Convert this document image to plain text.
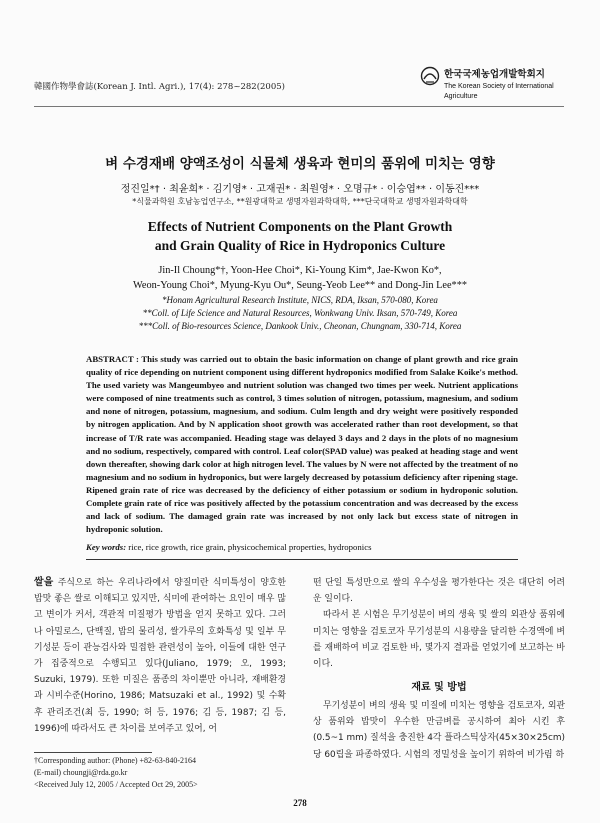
韓國作物學會誌(Korean J. Intl. Agri.), 17(4): 278~282(2005)
한국국제농업개발학회지
The Korean Society of International
Agriculture
벼 수경재배 양액조성이 식물체 생육과 현미의 품위에 미치는 영향
정진일*† · 최윤희* · 김기영* · 고재권* · 최원영* · 오명규* · 이승엽** · 이동진***
*식물과학원 호남농업연구소, **원광대학교 생명자원과학대학, ***단국대학교 생명자원과학대학
Effects of Nutrient Components on the Plant Growth
and Grain Quality of Rice in Hydroponics Culture
Jin-Il Choung*†, Yoon-Hee Choi*, Ki-Young Kim*, Jae-Kwon Ko*,
Weon-Young Choi*, Myung-Kyu Ou*, Seung-Yeob Lee** and Dong-Jin Lee***
*Honam Agricultural Research Institute, NICS, RDA, Iksan, 570-080, Korea
**Coll. of Life Science and Natural Resources, Wonkwang Univ. Iksan, 570-749, Korea
***Coll. of Bio-resources Science, Dankook Univ., Cheonan, Chungnam, 330-714, Korea
ABSTRACT : This study was carried out to obtain the basic information on change of plant growth and rice grain quality of rice depending on nutrient component using different hydroponics modified from Salake Koike's method. The used variety was Mangeumbyeo and nutrient solution was changed two times per week. Nutrient applications were composed of nine treatments such as control, 3 times solution of nitrogen, potassium, magnesium, and sodium and none of nitrogen, potassium, magnesium, and sodium. Culm length and dry weight were positively responded by nitrogen application. And by N application shoot growth was accelerated rather than root development, so that increase of T/R rate was accompanied. Heading stage was delayed 3 days and 2 days in the plots of no magnesium and no sodium, respectively, compared with control. Leaf color(SPAD value) was peaked at heading stage and went down thereafter, showing dark color at high nitrogen level. The values by N were not affected by the treatment of no magnesium and no sodium in hydroponics, but were largely decreased by potassium deficiency after ripening stage. Ripened grain rate of rice was decreased by the deficiency of either potassium or sodium in hydroponic solution. Complete grain rate of rice was positively affected by the potassium concentration and was decreased by the excess and lack of sodium. The damaged grain rate was increased by not only lack but excess state of nitrogen in hydroponic solution.
Key words: rice, rice growth, rice grain, physicochemical properties, hydroponics
쌀을 주식으로 하는 우리나라에서 양질미란 식미특성이 양호한 밥맛 좋은 쌀로 이해되고 있지만, 식미에 관여하는 요인이 매우 많고 변이가 커서, 객관적 미질평가 방법을 얻지 못하고 있다. 그러나 아밀로스, 단백질, 밥의 물리성, 쌀가루의 호화특성 및 일부 무기성분 등이 관능검사와 밀접한 관련성이 높아, 이들에 대한 연구가 집중적으로 수행되고 있다(Juliano, 1979; 오, 1993; Suzuki, 1979). 또한 미질은 품종의 차이뿐만 아니라, 재배환경과 시비수준(Horino, 1986; Matsuzaki et al., 1992) 및 수확 후 관리조건(최 등, 1990; 허 등, 1976; 김 등, 1987; 김 등, 1996)에 따라서도 큰 차이를 보여주고 있어, 어

떤 단일 특성만으로 쌀의 우수성을 평가한다는 것은 대단히 어려운 일이다.

따라서 본 시험은 무기성분이 벼의 생육 및 쌀의 외관상 품위에 미치는 영향을 검토코자 무기성분의 시용량을 달리한 수경액에 벼를 재배하여 비교 검토한 바, 몇가지 결과를 얻었기에 보고하는 바이다.

재료 및 방법

무기성분이 벼의 생육 및 미질에 미치는 영향을 검토코자, 외관상 품위와 밥맛이 우수한 만금벼를 공시하여 최아 시킨 후 (0.5~1 mm) 질석을 충진한 4각 플라스틱상자(45×30×25cm)당 60립을 파종하였다. 시험의 정밀성을 높이기 위하여 비가림 하

†Corresponding author: (Phone) +82-63-840-2164
(E-mail) choungji@rda.go.kr
<Received July 12, 2005 / Accepted Oct 29, 2005>
278
